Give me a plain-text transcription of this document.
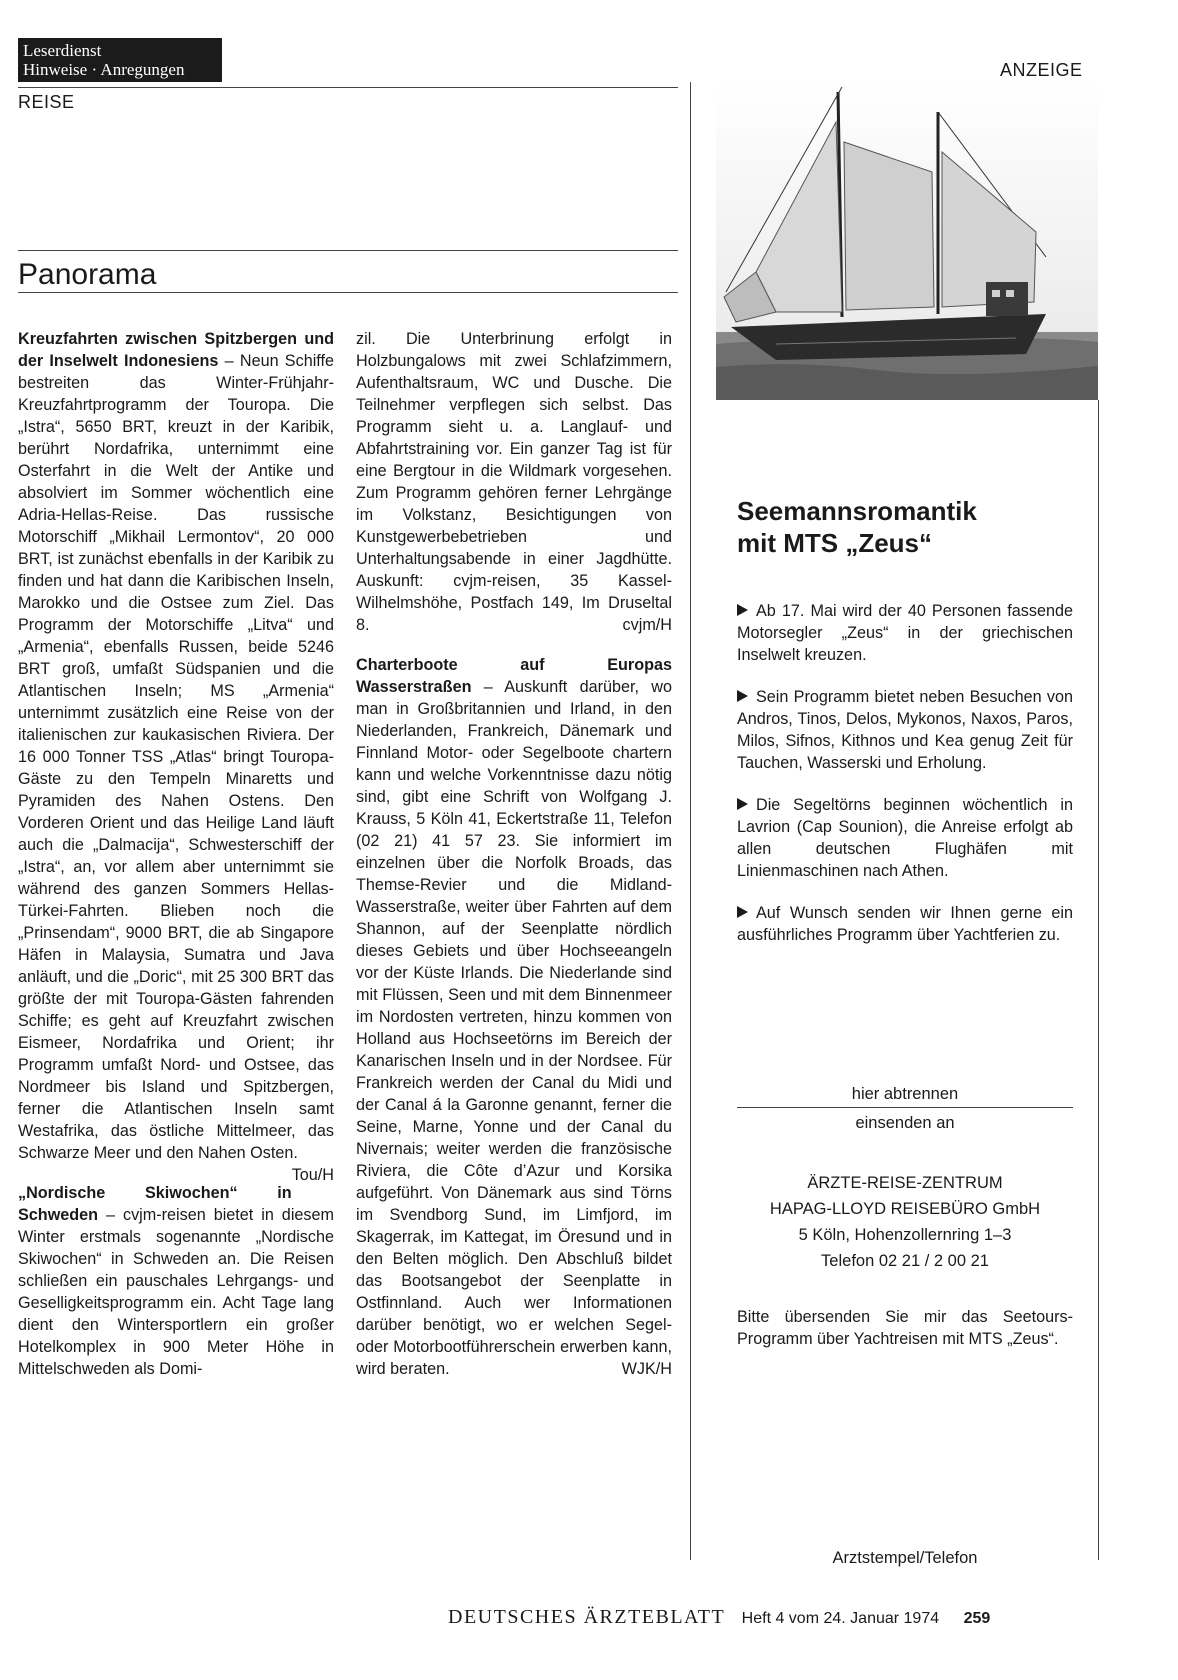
Leserdienst
Hinweise · Anregungen
REISE
ANZEIGE
Panorama

Kreuzfahrten zwischen Spitzbergen und der Inselwelt Indonesiens – Neun Schiffe bestreiten das Winter-Frühjahr-Kreuzfahrtprogramm der Touropa. Die „Istra“, 5650 BRT, kreuzt in der Karibik, berührt Nordafrika, unternimmt eine Osterfahrt in die Welt der Antike und absolviert im Sommer wöchentlich eine Adria-Hellas-Reise. Das russische Motorschiff „Mikhail Lermontov“, 20 000 BRT, ist zunächst ebenfalls in der Karibik zu finden und hat dann die Karibischen Inseln, Marokko und die Ostsee zum Ziel. Das Programm der Motorschiffe „Litva“ und „Armenia“, ebenfalls Russen, beide 5246 BRT groß, umfaßt Südspanien und die Atlantischen Inseln; MS „Armenia“ unternimmt zusätzlich eine Reise von der italienischen zur kaukasischen Riviera. Der 16 000 Tonner TSS „Atlas“ bringt Touropa-Gäste zu den Tempeln Minaretts und Pyramiden des Nahen Ostens. Den Vorderen Orient und das Heilige Land läuft auch die „Dalmacija“, Schwesterschiff der „Istra“, an, vor allem aber unternimmt sie während des ganzen Sommers Hellas-Türkei-Fahrten. Blieben noch die „Prinsendam“, 9000 BRT, die ab Singapore Häfen in Malaysia, Sumatra und Java anläuft, und die „Doric“, mit 25 300 BRT das größte der mit Touropa-Gästen fahrenden Schiffe; es geht auf Kreuzfahrt zwischen Eismeer, Nordafrika und Orient; ihr Programm umfaßt Nord- und Ostsee, das Nordmeer bis Island und Spitzbergen, ferner die Atlantischen Inseln samt Westafrika, das östliche Mittelmeer, das Schwarze Meer und den Nahen Osten.
Tou/H

„Nordische Skiwochen“ in Schweden – cvjm-reisen bietet in diesem Winter erstmals sogenannte „Nordische Skiwochen“ in Schweden an. Die Reisen schließen ein pauschales Lehrgangs- und Geselligkeitsprogramm ein. Acht Tage lang dient den Wintersportlern ein großer Hotelkomplex in 900 Meter Höhe in Mittelschweden als Domi-

zil. Die Unterbrinung erfolgt in Holzbungalows mit zwei Schlafzimmern, Aufenthaltsraum, WC und Dusche. Die Teilnehmer verpflegen sich selbst. Das Programm sieht u. a. Langlauf- und Abfahrtstraining vor. Ein ganzer Tag ist für eine Bergtour in die Wildmark vorgesehen. Zum Programm gehören ferner Lehrgänge im Volkstanz, Besichtigungen von Kunstgewerbebetrieben und Unterhaltungsabende in einer Jagdhütte. Auskunft: cvjm-reisen, 35 Kassel-Wilhelmshöhe, Postfach 149, Im Druseltal 8.	cvjm/H

Charterboote auf Europas Wasserstraßen – Auskunft darüber, wo man in Großbritannien und Irland, in den Niederlanden, Frankreich, Dänemark und Finnland Motor- oder Segelboote chartern kann und welche Vorkenntnisse dazu nötig sind, gibt eine Schrift von Wolfgang J. Krauss, 5 Köln 41, Eckertstraße 11, Telefon (02 21) 41 57 23. Sie informiert im einzelnen über die Norfolk Broads, das Themse-Revier und die Midland-Wasserstraße, weiter über Fahrten auf dem Shannon, auf der Seenplatte nördlich dieses Gebiets und über Hochseeangeln vor der Küste Irlands. Die Niederlande sind mit Flüssen, Seen und mit dem Binnenmeer im Nordosten vertreten, hinzu kommen von Holland aus Hochseetörns im Bereich der Kanarischen Inseln und in der Nordsee. Für Frankreich werden der Canal du Midi und der Canal á la Garonne genannt, ferner die Seine, Marne, Yonne und der Canal du Nivernais; weiter werden die französische Riviera, die Côte d’Azur und Korsika aufgeführt. Von Dänemark aus sind Törns im Svendborg Sund, im Limfjord, im Skagerrak, im Kattegat, im Öresund und in den Belten möglich. Den Abschluß bildet das Bootsangebot der Seenplatte in Ostfinnland. Auch wer Informationen darüber benötigt, wo er welchen Segel- oder Motorbootführerschein erwerben kann, wird beraten.	WJK/H

Seemannsromantik
mit MTS „Zeus“

Ab 17. Mai wird der 40 Personen fassende Motorsegler „Zeus“ in der griechischen Inselwelt kreuzen.

Sein Programm bietet neben Besuchen von Andros, Tinos, Delos, Mykonos, Naxos, Paros, Milos, Sifnos, Kithnos und Kea genug Zeit für Tauchen, Wasserski und Erholung.

Die Segeltörns beginnen wöchentlich in Lavrion (Cap Sounion), die Anreise erfolgt ab allen deutschen Flughäfen mit Linienmaschinen nach Athen.

Auf Wunsch senden wir Ihnen gerne ein ausführliches Programm über Yachtferien zu.

hier abtrennen
einsenden an
ÄRZTE-REISE-ZENTRUM
HAPAG-LLOYD REISEBÜRO GmbH
5 Köln, Hohenzollernring 1–3
Telefon 02 21 / 2 00 21

Bitte übersenden Sie mir das Seetours-Programm über Yachtreisen mit MTS „Zeus“.

Arztstempel/Telefon
DEUTSCHES ÄRZTEBLATT Heft 4 vom 24. Januar 1974 259
